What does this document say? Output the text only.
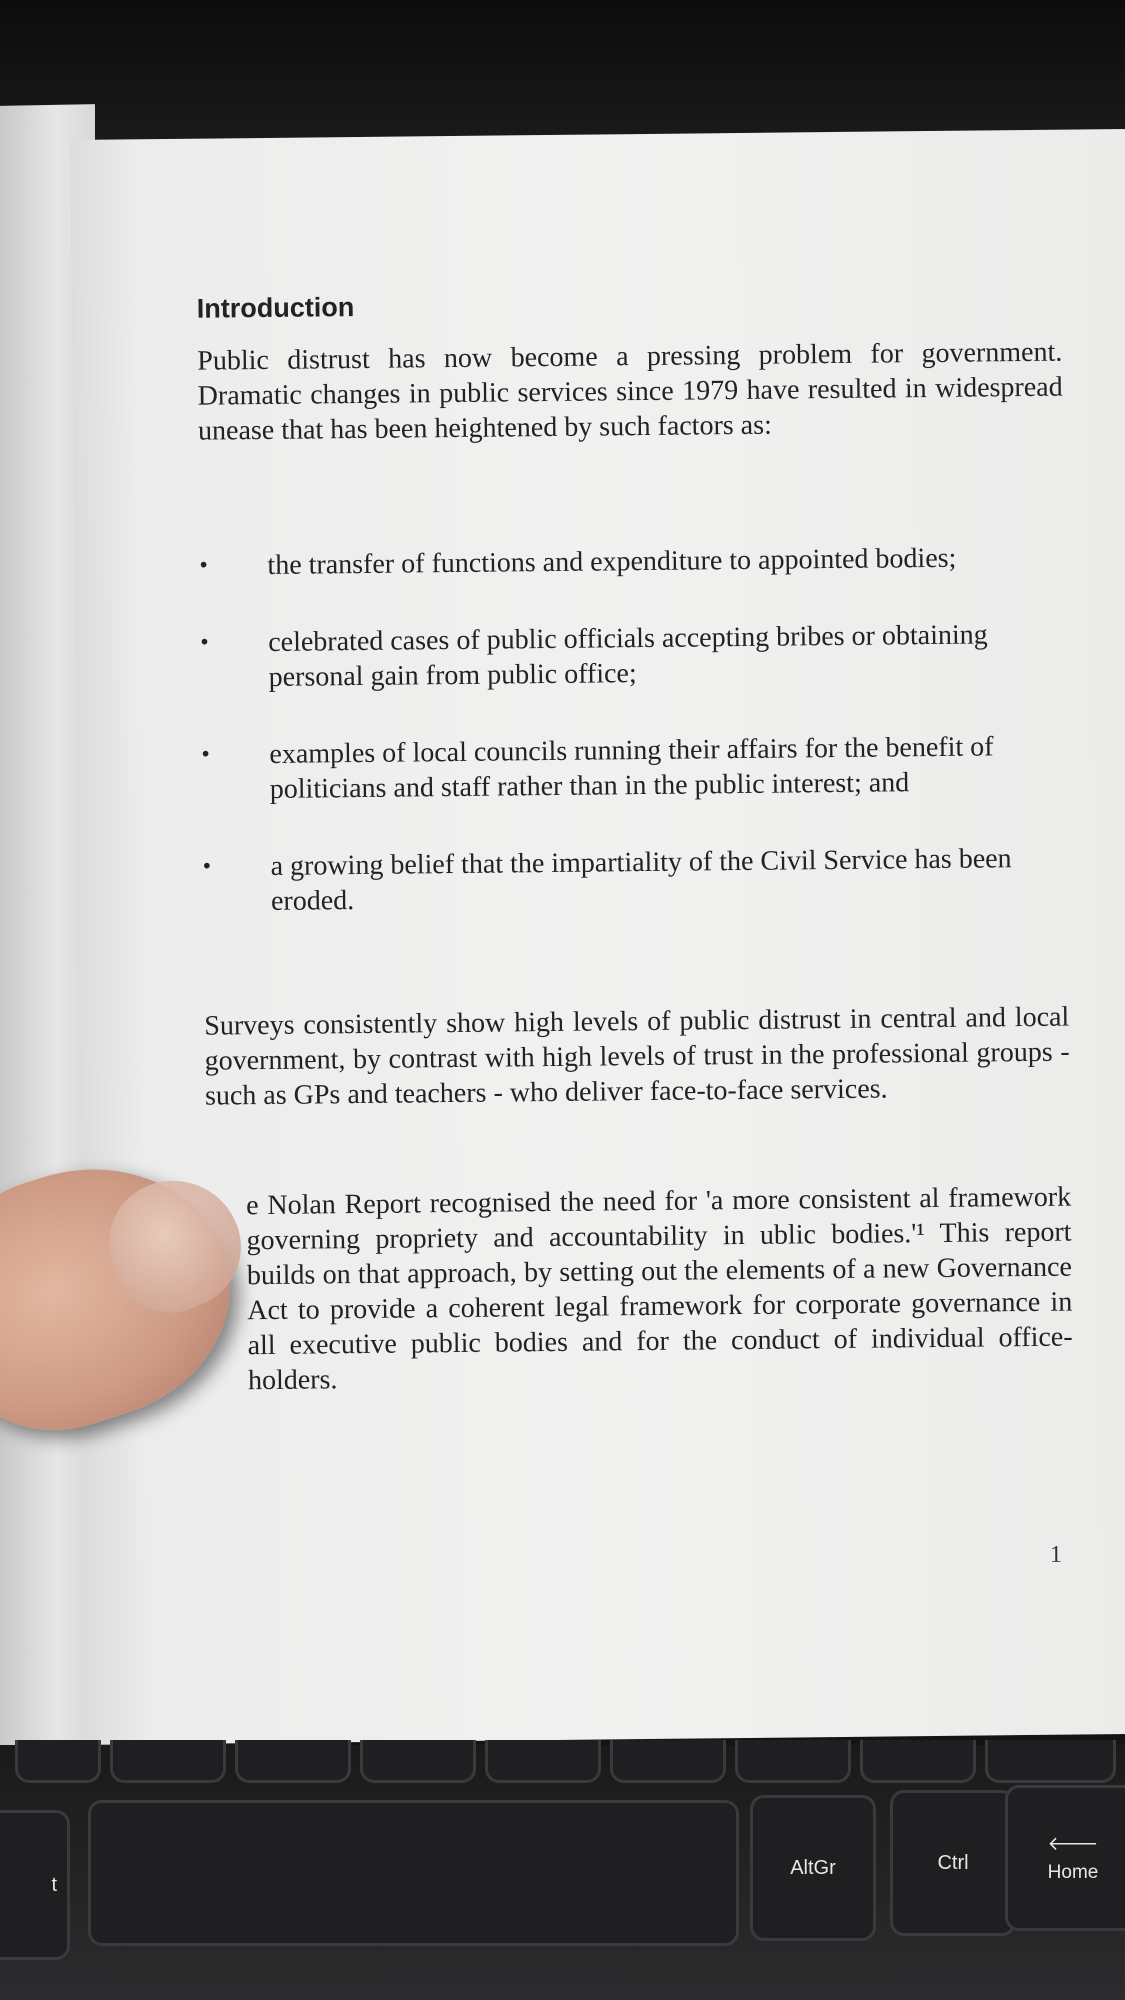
Introduction

Public distrust has now become a pressing problem for government. Dramatic changes in public services since 1979 have resulted in widespread unease that has been heightened by such factors as:

• the transfer of functions and expenditure to appointed bodies;
• celebrated cases of public officials accepting bribes or obtaining personal gain from public office;
• examples of local councils running their affairs for the benefit of politicians and staff rather than in the public interest; and
• a growing belief that the impartiality of the Civil Service has been eroded.

Surveys consistently show high levels of public distrust in central and local government, by contrast with high levels of trust in the professional groups - such as GPs and teachers - who deliver face-to-face services.

e Nolan Report recognised the need for 'a more consistent al framework governing propriety and accountability in ublic bodies.'¹ This report builds on that approach, by setting out the elements of a new Governance Act to provide a coherent legal framework for corporate governance in all executive public bodies and for the conduct of individual office-holders.

1
t
AltGr	Ctrl
🡐
Home
